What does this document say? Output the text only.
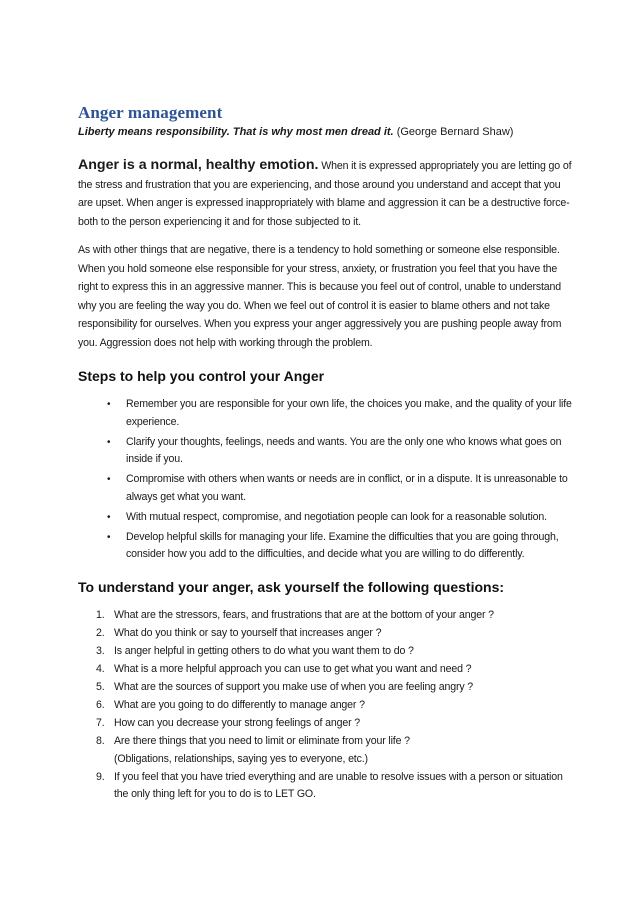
Anger management

Liberty means responsibility. That is why most men dread it. (George Bernard Shaw)

Anger is a normal, healthy emotion. When it is expressed appropriately you are letting go of the stress and frustration that you are experiencing, and those around you understand and accept that you are upset. When anger is expressed inappropriately with blame and aggression it can be a destructive force- both to the person experiencing it and for those subjected to it.

As with other things that are negative, there is a tendency to hold something or someone else responsible. When you hold someone else responsible for your stress, anxiety, or frustration you feel that you have the right to express this in an aggressive manner. This is because you feel out of control, unable to understand why you are feeling the way you do. When we feel out of control it is easier to blame others and not take responsibility for ourselves. When you express your anger aggressively you are pushing people away from you. Aggression does not help with working through the problem.

Steps to help you control your Anger
• Remember you are responsible for your own life, the choices you make, and the quality of your life experience.
• Clarify your thoughts, feelings, needs and wants. You are the only one who knows what goes on inside if you.
• Compromise with others when wants or needs are in conflict, or in a dispute. It is unreasonable to always get what you want.
• With mutual respect, compromise, and negotiation people can look for a reasonable solution.
• Develop helpful skills for managing your life. Examine the difficulties that you are going through, consider how you add to the difficulties, and decide what you are willing to do differently.
To understand your anger, ask yourself the following questions:
1. What are the stressors, fears, and frustrations that are at the bottom of your anger ?
2. What do you think or say to yourself that increases anger ?
3. Is anger helpful in getting others to do what you want them to do ?
4. What is a more helpful approach you can use to get what you want and need ?
5. What are the sources of support you make use of when you are feeling angry ?
6. What are you going to do differently to manage anger ?
7. How can you decrease your strong feelings of anger ?
8. Are there things that you need to limit or eliminate from your life ?
(Obligations, relationships, saying yes to everyone, etc.)
9. If you feel that you have tried everything and are unable to resolve issues with a person or situation the only thing left for you to do is to LET GO.
